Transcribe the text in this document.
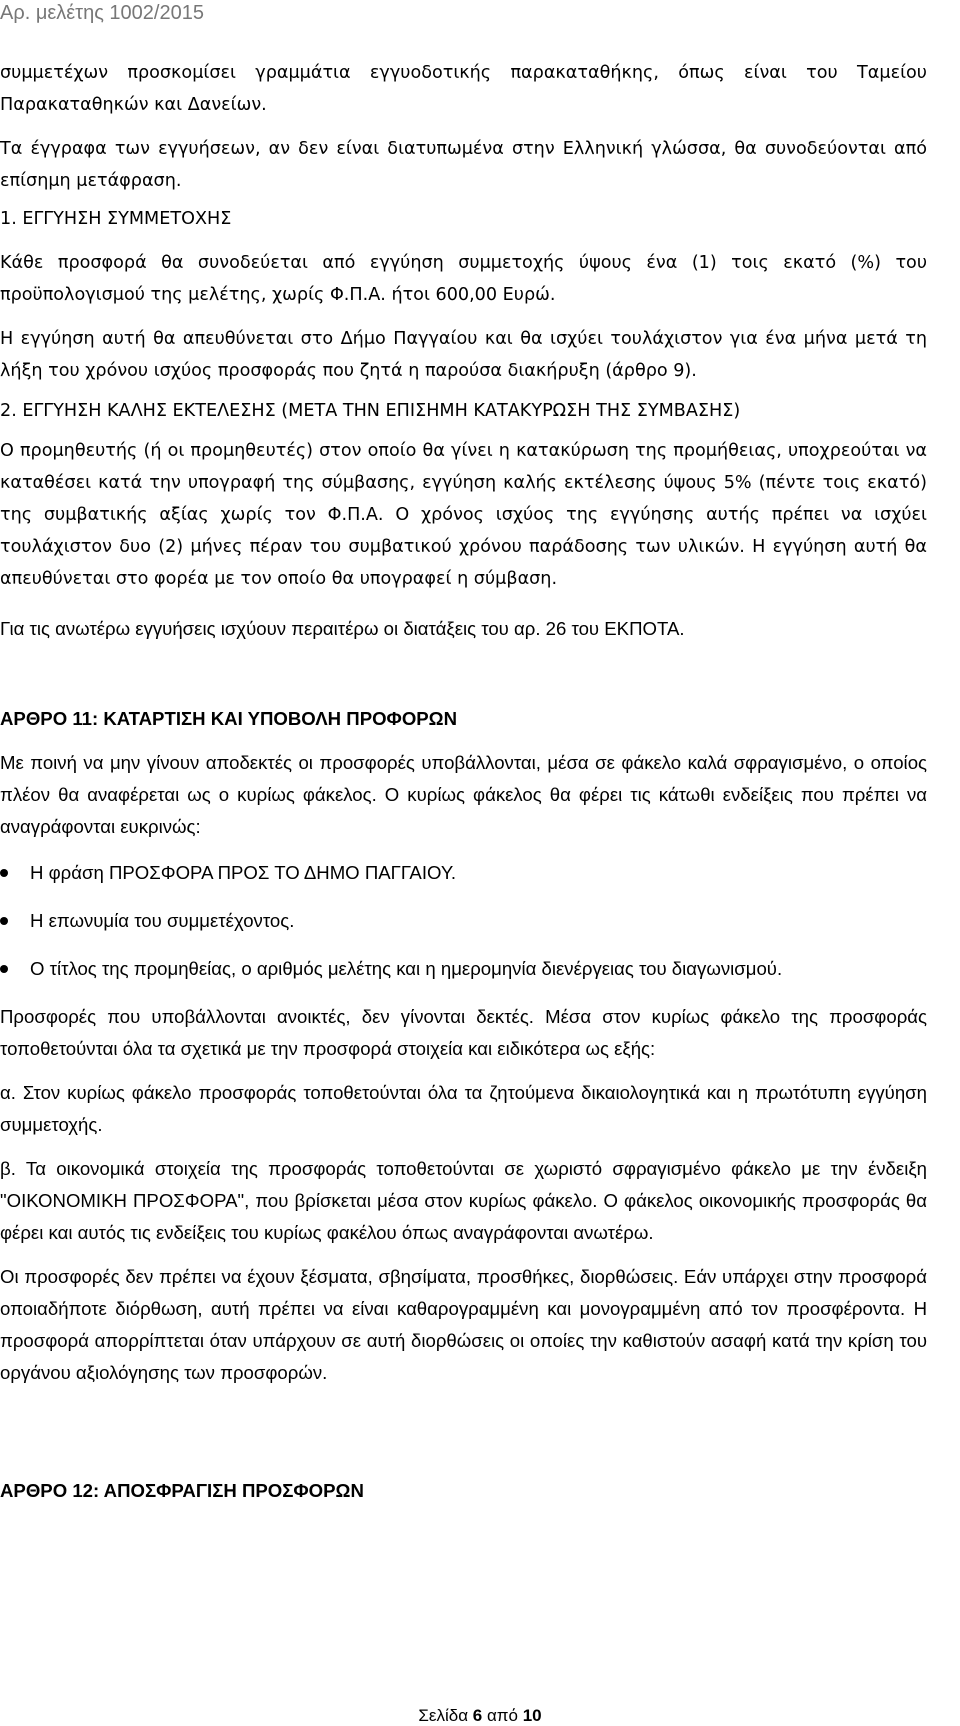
Αρ. μελέτης 1002/2015

συμμετέχων προσκομίσει γραμμάτια εγγυοδοτικής παρακαταθήκης, όπως είναι του Ταμείου Παρακαταθηκών και Δανείων.

Τα έγγραφα των εγγυήσεων, αν δεν είναι διατυπωμένα στην Ελληνική γλώσσα, θα συνοδεύονται από επίσημη μετάφραση.

1. ΕΓΓΥΗΣΗ ΣΥΜΜΕΤΟΧΗΣ

Κάθε προσφορά θα συνοδεύεται από εγγύηση συμμετοχής ύψους ένα (1) τοις εκατό (%) του προϋπολογισμού της μελέτης, χωρίς Φ.Π.Α. ήτοι 600,00 Ευρώ.

Η εγγύηση αυτή θα απευθύνεται στο Δήμο Παγγαίου και θα ισχύει τουλάχιστον για ένα μήνα μετά τη λήξη του χρόνου ισχύος προσφοράς που ζητά η παρούσα διακήρυξη (άρθρο 9).

2. ΕΓΓΥΗΣΗ ΚΑΛΗΣ ΕΚΤΕΛΕΣΗΣ (ΜΕΤΑ ΤΗΝ ΕΠΙΣΗΜΗ ΚΑΤΑΚΥΡΩΣΗ ΤΗΣ ΣΥΜΒΑΣΗΣ)

Ο προμηθευτής (ή οι προμηθευτές) στον οποίο θα γίνει η κατακύρωση της προμήθειας, υποχρεούται να καταθέσει κατά την υπογραφή της σύμβασης, εγγύηση καλής εκτέλεσης ύψους 5% (πέντε τοις εκατό) της συμβατικής αξίας χωρίς τον Φ.Π.Α. Ο χρόνος ισχύος της εγγύησης αυτής πρέπει να ισχύει τουλάχιστον δυο (2) μήνες πέραν του συμβατικού χρόνου παράδοσης των υλικών. Η εγγύηση αυτή θα απευθύνεται στο φορέα με τον οποίο θα υπογραφεί η σύμβαση.

Για τις ανωτέρω εγγυήσεις ισχύουν περαιτέρω οι διατάξεις του αρ. 26 του ΕΚΠΟΤΑ.

ΑΡΘΡΟ 11: ΚΑΤΑΡΤΙΣΗ ΚΑΙ ΥΠΟΒΟΛΗ ΠΡΟΦΟΡΩΝ

Με ποινή να μην γίνουν αποδεκτές οι προσφορές υποβάλλονται, μέσα σε φάκελο καλά σφραγισμένο, ο οποίος πλέον θα αναφέρεται ως ο κυρίως φάκελος. Ο κυρίως φάκελος θα φέρει τις κάτωθι ενδείξεις που πρέπει να αναγράφονται ευκρινώς:

Η φράση ΠΡΟΣΦΟΡΑ ΠΡΟΣ ΤΟ ΔΗΜΟ ΠΑΓΓΑΙΟΥ.
Η επωνυμία του συμμετέχοντος.
Ο τίτλος της προμηθείας, ο αριθμός μελέτης και η ημερομηνία διενέργειας του διαγωνισμού.

Προσφορές που υποβάλλονται ανοικτές, δεν γίνονται δεκτές. Μέσα στον κυρίως φάκελο της προσφοράς τοποθετούνται όλα τα σχετικά με την προσφορά στοιχεία και ειδικότερα ως εξής:

α. Στον κυρίως φάκελο προσφοράς τοποθετούνται όλα τα ζητούμενα δικαιολογητικά και η πρωτότυπη εγγύηση συμμετοχής.

β. Τα οικονομικά στοιχεία της προσφοράς τοποθετούνται σε χωριστό σφραγισμένο φάκελο με την ένδειξη "ΟΙΚΟΝΟΜΙΚΗ ΠΡΟΣΦΟΡΑ", που βρίσκεται μέσα στον κυρίως φάκελο. Ο φάκελος οικονομικής προσφοράς θα φέρει και αυτός τις ενδείξεις του κυρίως φακέλου όπως αναγράφονται ανωτέρω.

Οι προσφορές δεν πρέπει να έχουν ξέσματα, σβησίματα, προσθήκες, διορθώσεις. Εάν υπάρχει στην προσφορά οποιαδήποτε διόρθωση, αυτή πρέπει να είναι καθαρογραμμένη και μονογραμμένη από τον προσφέροντα. Η προσφορά απορρίπτεται όταν υπάρχουν σε αυτή διορθώσεις οι οποίες την καθιστούν ασαφή κατά την κρίση του οργάνου αξιολόγησης των προσφορών.

ΑΡΘΡΟ 12: ΑΠΟΣΦΡΑΓΙΣΗ ΠΡΟΣΦΟΡΩΝ
Σελίδα 6 από 10
